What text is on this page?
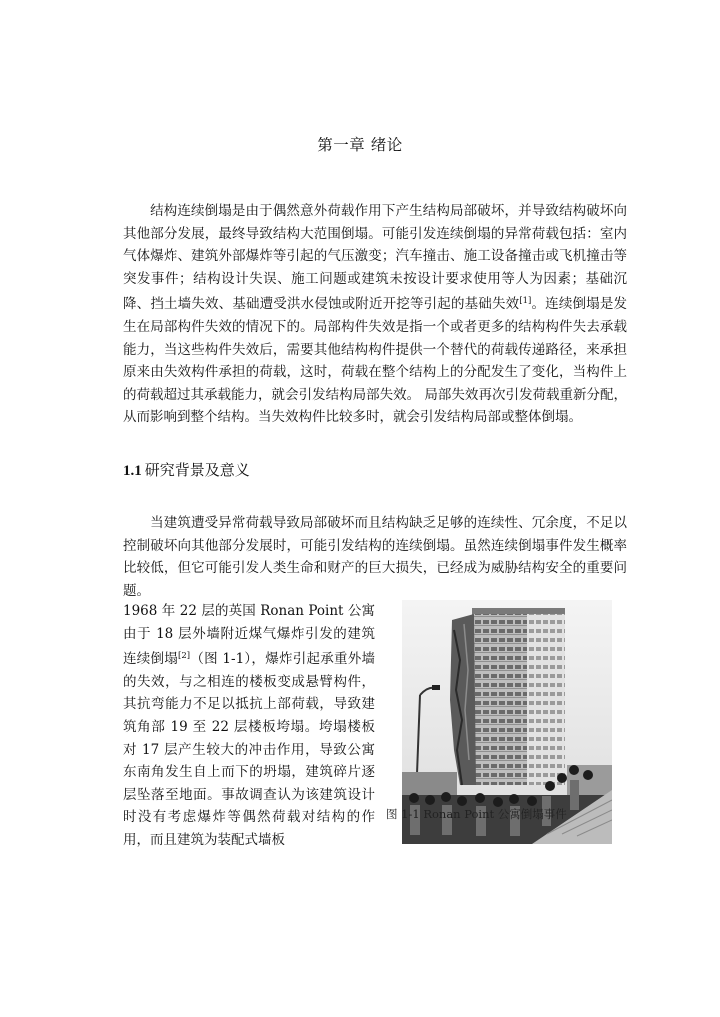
第一章 绪论

结构连续倒塌是由于偶然意外荷载作用下产生结构局部破坏，并导致结构破坏向其他部分发展，最终导致结构大范围倒塌。可能引发连续倒塌的异常荷载包括：室内气体爆炸、建筑外部爆炸等引起的气压激变；汽车撞击、施工设备撞击或飞机撞击等突发事件；结构设计失误、施工问题或建筑未按设计要求使用等人为因素；基础沉降、挡土墙失效、基础遭受洪水侵蚀或附近开挖等引起的基础失效[1]。连续倒塌是发生在局部构件失效的情况下的。局部构件失效是指一个或者更多的结构构件失去承载能力，当这些构件失效后，需要其他结构构件提供一个替代的荷载传递路径，来承担原来由失效构件承担的荷载，这时，荷载在整个结构上的分配发生了变化，当构件上的荷载超过其承载能力，就会引发结构局部失效。 局部失效再次引发荷载重新分配，从而影响到整个结构。当失效构件比较多时，就会引发结构局部或整体倒塌。

1.1 研究背景及意义

当建筑遭受异常荷载导致局部破坏而且结构缺乏足够的连续性、冗余度，不足以控制破坏向其他部分发展时，可能引发结构的连续倒塌。虽然连续倒塌事件发生概率比较低，但它可能引发人类生命和财产的巨大损失，已经成为威胁结构安全的重要问题。

1968 年 22 层的英国 Ronan Point 公寓由于 18 层外墙附近煤气爆炸引发的建筑连续倒塌[2]（图 1-1），爆炸引起承重外墙的失效，与之相连的楼板变成悬臂构件，其抗弯能力不足以抵抗上部荷载，导致建筑角部 19 至 22 层楼板垮塌。垮塌楼板对 17 层产生较大的冲击作用，导致公寓东南角发生自上而下的坍塌，建筑碎片逐层坠落至地面。事故调查认为该建筑设计时没有考虑爆炸等偶然荷载对结构的作用，而且建筑为装配式墙板

图 1-1 Ronan Point 公寓倒塌事件
